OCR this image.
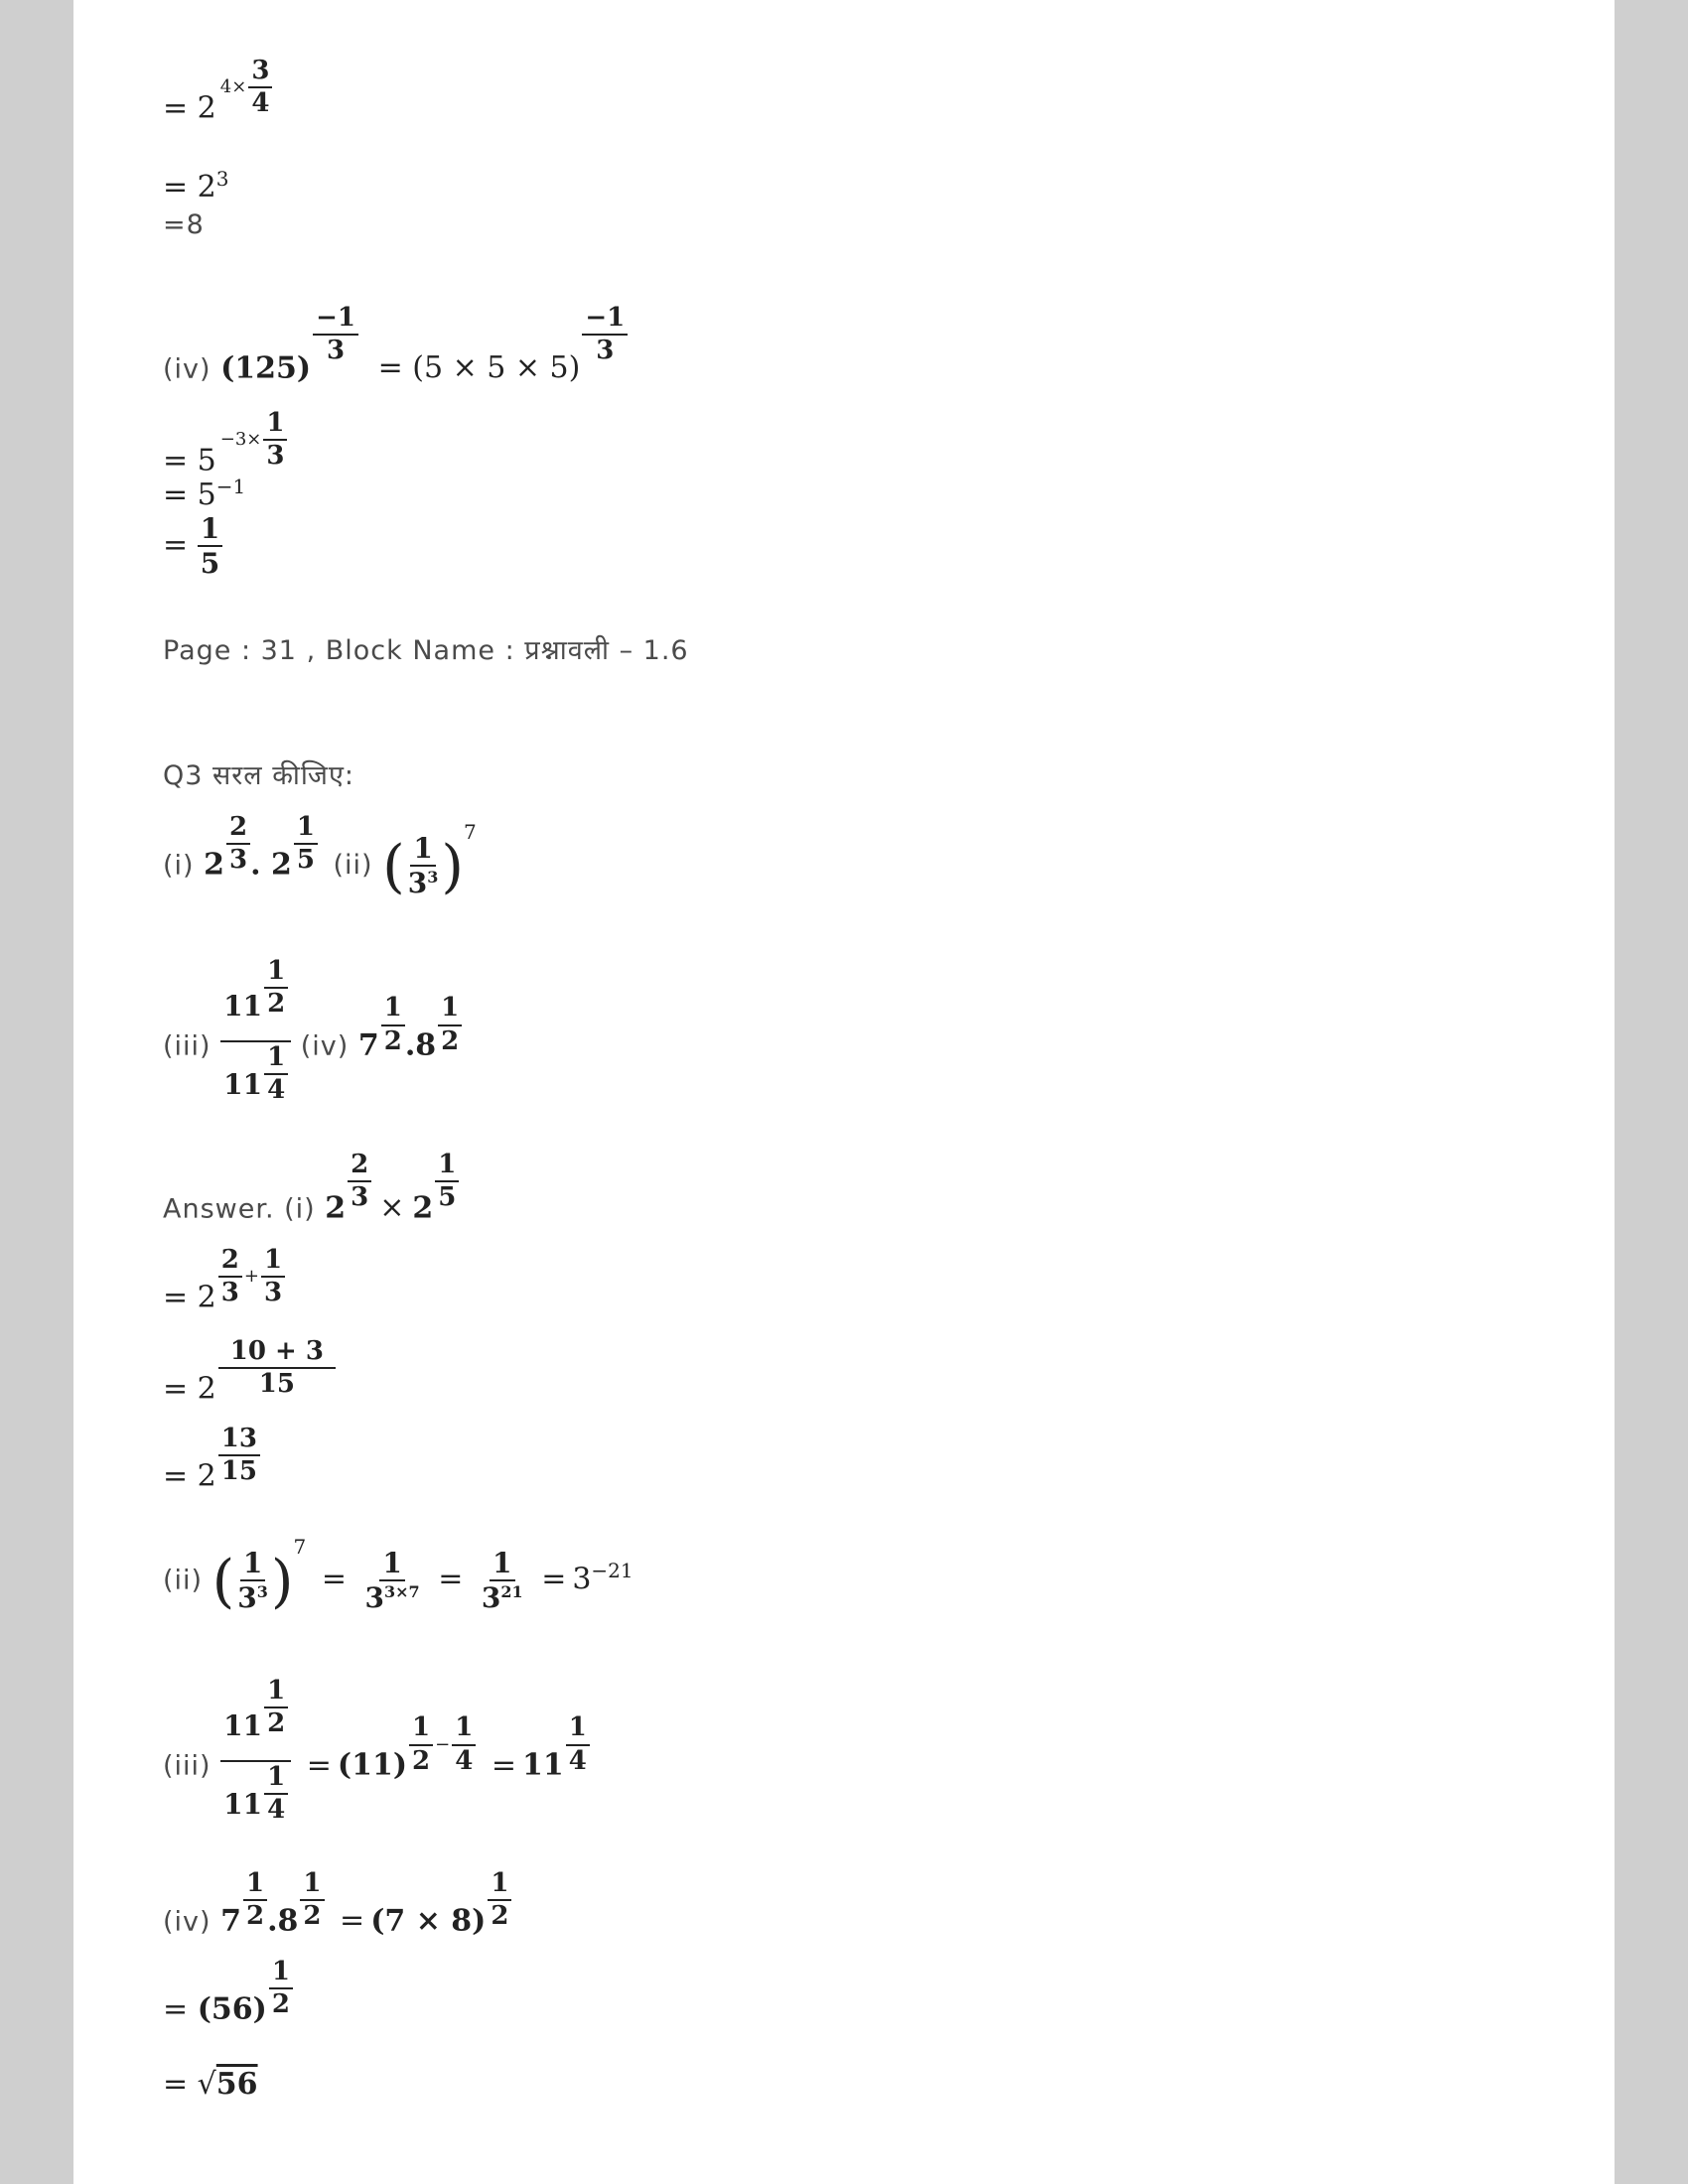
= $24\times \frac{3}{4}$
= 23
=8
(iv) (125)
$\frac{-1}{3}$
= (5 × 5 × 5)
$\frac{-1}{3}$
= $5-3\times \frac{1}{3}$
= 5−1
= $\frac{1}{5}$
Page : 31 , Block Name : प्रश्नावली – 1.6
Q3 सरल कीजिए:
(i) $2 \frac{2}{3}$ . $2 \frac{1}{5} (ii)$ ( $\frac{1}{33} )7$
$(iii) \frac{11 \frac{1}{2}}{11 \frac{1}{4}} (iv)$ $7 \frac{1}{2} .8 \frac{1}{2}$
Answer. (i) $2 \frac{2}{3} \times 2 \frac{1}{5}$
= $2 \frac{2}{3} + \frac{1}{3}$
= $2 \frac{10 + 3}{15}$
= $2 \frac{13}{15}$
(ii) ( $\frac{1}{33} )7 = \frac{1}{33\times 7} = \frac{1}{321} = 3-21$
$(iii) \frac{11 \frac{1}{2}}{11 \frac{1}{4}} = (11) \frac{1}{2} - \frac{1}{4} = 11 \frac{1}{4}$
(iv) $7 \frac{1}{2} .8 \frac{1}{2} = (7 \times 8) \frac{1}{2}$
= $(56) \frac{1}{2}$
= √56
